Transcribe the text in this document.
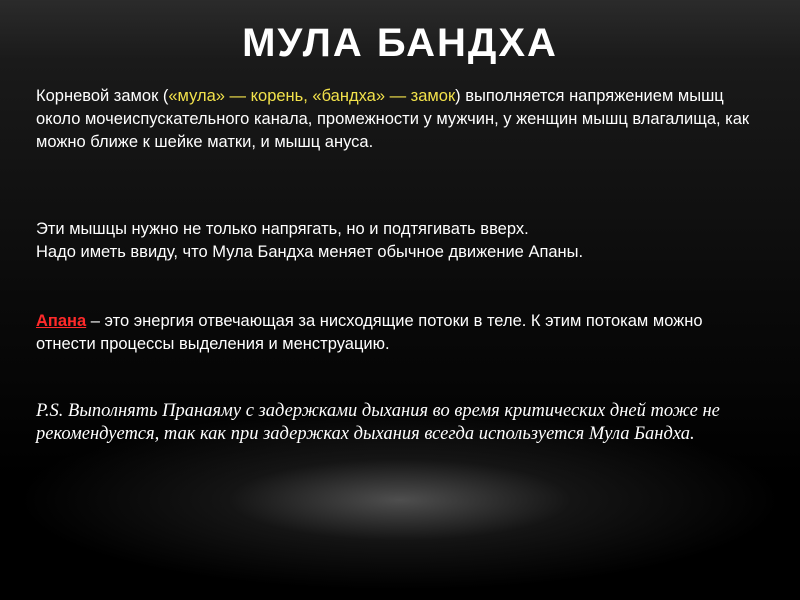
МУЛА БАНДХА

Корневой замок («мула» — корень, «бандха» — замок) выполняется напряжением мышц около мочеиспускательного канала, промежности у мужчин, у женщин мышц влагалища, как можно ближе к шейке матки, и мышц ануса.

Эти мышцы нужно не только напрягать, но и подтягивать вверх.
Надо иметь ввиду, что Мула Бандха меняет обычное движение Апаны.

Апана – это энергия отвечающая за нисходящие потоки в теле. К этим потокам можно отнести процессы выделения и менструацию.

P.S. Выполнять Пранаяму с задержками дыхания во время критических дней тоже не рекомендуется, так как при задержках дыхания всегда используется Мула Бандха.
